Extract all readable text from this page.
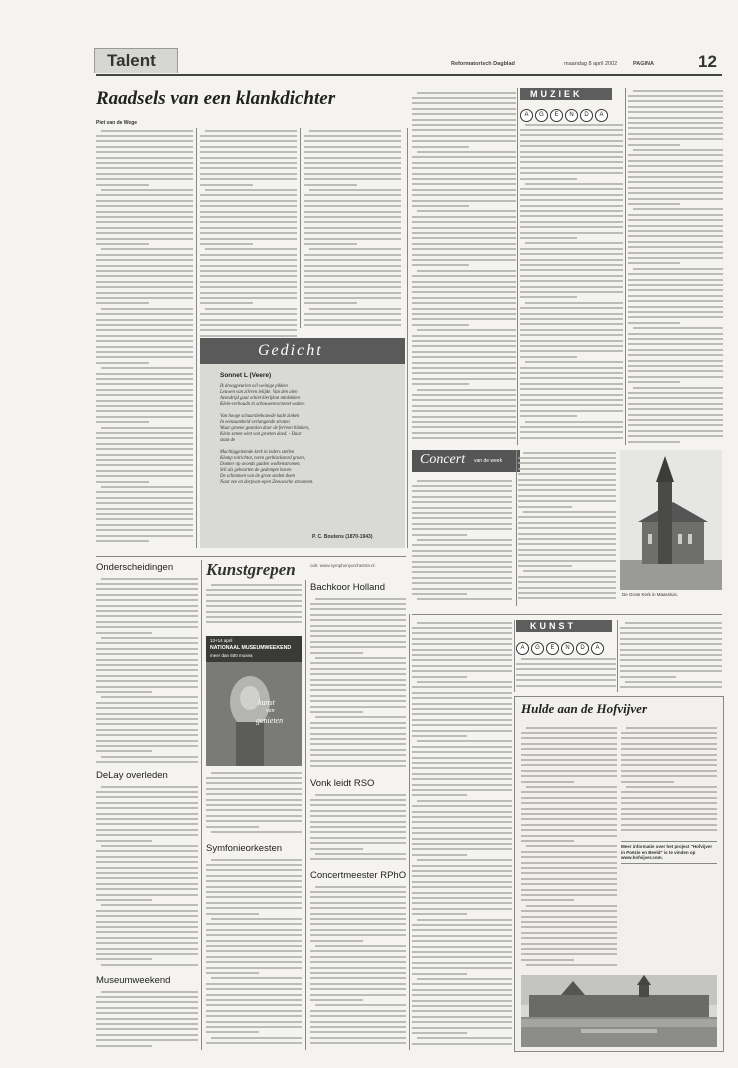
Talent	Reformatorisch Dagblad	maandag 8 april 2002	PAGINA	12
Raadsels van een klankdichter
Piet van de Wege
Gedicht
Sonnet L (Veere)
Ik droogpeurlen wil weinige pikken
Leuwen van zilvren lelijde. Van den alen
Avondrijd gaat schiet klerijkon minlekken
Klein-verhoudn in schouwenverzenet walen.
Van hooge schaarsbebouwde kade zinken
In eenzaamheid verlangende straten
Waar groene gestolen door de ferreen blinken,
Klein zenen wint van groeten doed. - Daar
staat de
Machtiggeleimde kerk in ieders stellen
Klomp tolrichtot, toren gerblacksterd groen,
Donker op avonds gulden wolkenstromen.
Stil als gebeurten de gedempte haven
De schimmen van de grote steden doen
Naar zee en dorpvan-open Zeeuwsche stroomen.
P. C. Boutens (1870-1943)
MUZIEK
A G E N D A
Concert van de week
De Grote Kerk in Maassluis.
Onderscheidingen
DeLay overleden
Museumweekend
Kunstgrepen	ook: www.symphonyorchestra.nl
13+14 april
NATIONAAL MUSEUMWEEKEND
meer dan 500 musea
kunst
van
genieten
Symfonieorkesten
Bachkoor Holland
Vonk leidt RSO
Concertmeester RPhO
KUNST
A G E N D A
Hulde aan de Hofvijver
Meer informatie over het project "Hofvijver in Poëzie en Beeld" is te vinden op www.hofvijver.com.
